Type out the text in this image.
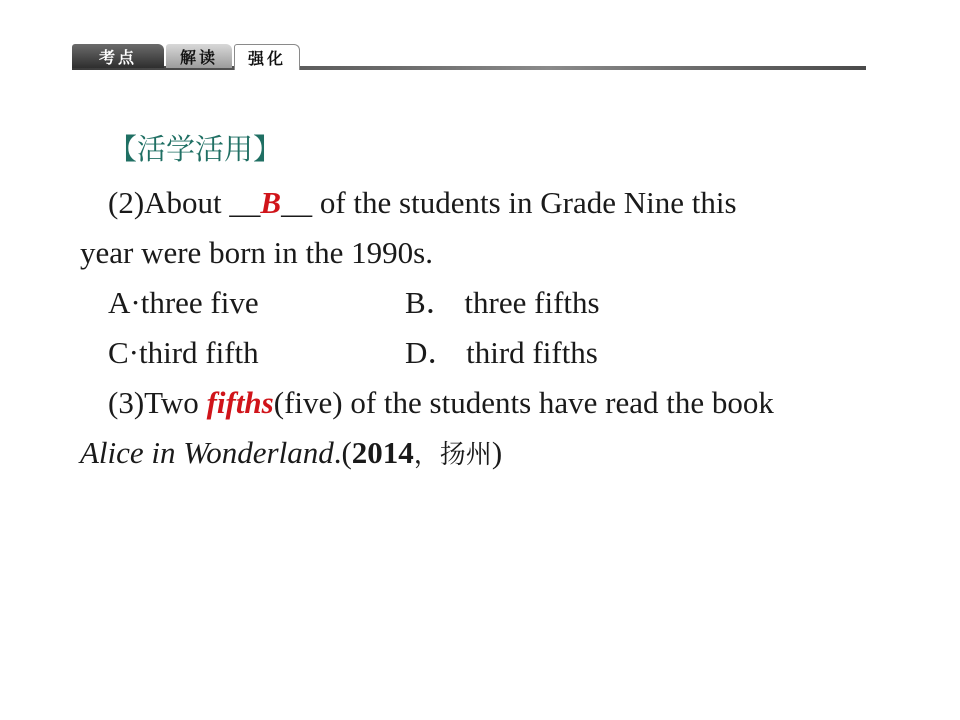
考点	解读	强化
【活学活用】
(2)About __B__ of the students in Grade Nine this
year were born in the 1990s.
A·three five	B． three fifths
C·third fifth	D． third fifths
(3)Two fifths(five) of the students have read the book
Alice in Wonderland.(2014，扬州)
